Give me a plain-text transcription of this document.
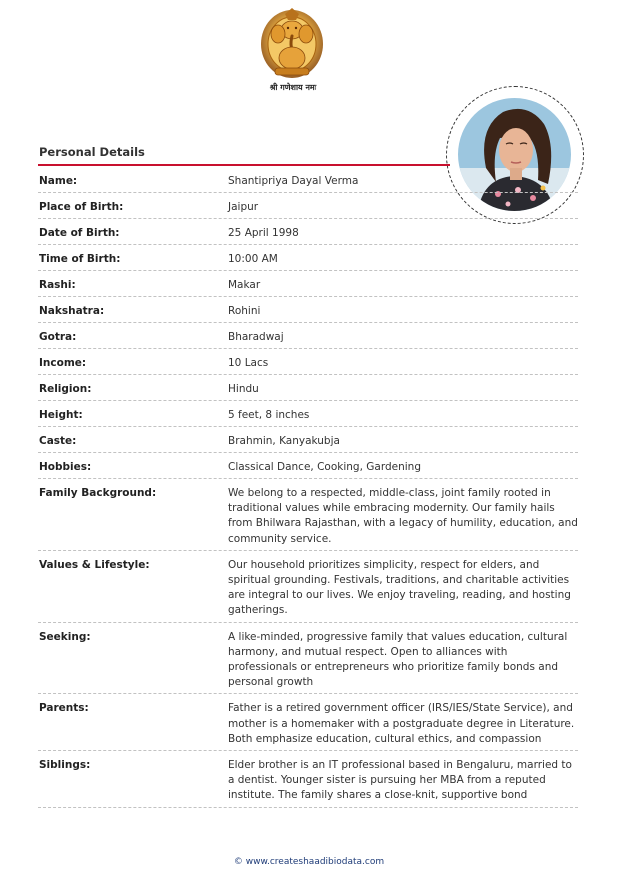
श्री गणेशाय नमः
Personal Details
Name:	Shantipriya Dayal Verma
Place of Birth:	Jaipur
Date of Birth:	25 April 1998
Time of Birth:	10:00 AM
Rashi:	Makar
Nakshatra:	Rohini
Gotra:	Bharadwaj
Income:	10 Lacs
Religion:	Hindu
Height:	5 feet, 8 inches
Caste:	Brahmin, Kanyakubja
Hobbies:	Classical Dance, Cooking, Gardening
Family Background:	We belong to a respected, middle-class, joint family rooted in traditional values while embracing modernity. Our family hails from Bhilwara Rajasthan, with a legacy of humility, education, and community service.
Values & Lifestyle:	Our household prioritizes simplicity, respect for elders, and spiritual grounding. Festivals, traditions, and charitable activities are integral to our lives. We enjoy traveling, reading, and hosting gatherings.
Seeking:	A like-minded, progressive family that values education, cultural harmony, and mutual respect. Open to alliances with professionals or entrepreneurs who prioritize family bonds and personal growth
Parents:	Father is a retired government officer (IRS/IES/State Service), and mother is a homemaker with a postgraduate degree in Literature. Both emphasize education, cultural ethics, and compassion
Siblings:	Elder brother is an IT professional based in Bengaluru, married to a dentist. Younger sister is pursuing her MBA from a reputed institute. The family shares a close-knit, supportive bond
© www.createshaadibiodata.com
